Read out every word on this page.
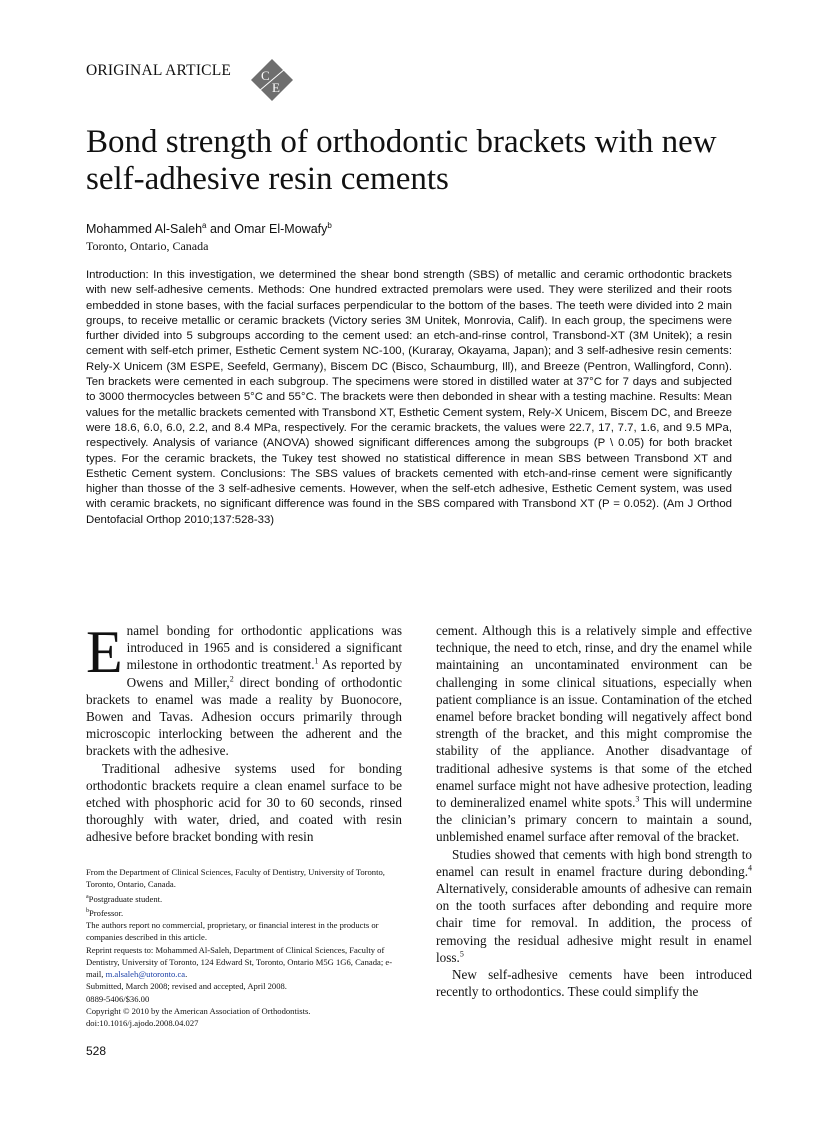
ORIGINAL ARTICLE C
E
Bond strength of orthodontic brackets with new self-adhesive resin cements
Mohammed Al-Saleh$^a$ and Omar El-Mowafy$^b$
Toronto, Ontario, Canada

Introduction: In this investigation, we determined the shear bond strength (SBS) of metallic and ceramic orthodontic brackets with new self-adhesive cements. Methods: One hundred extracted premolars were used. They were sterilized and their roots embedded in stone bases, with the facial surfaces perpendicular to the bottom of the bases. The teeth were divided into 2 main groups, to receive metallic or ceramic brackets (Victory series 3M Unitek, Monrovia, Calif). In each group, the specimens were further divided into 5 subgroups according to the cement used: an etch-and-rinse control, Transbond-XT (3M Unitek); a resin cement with self-etch primer, Esthetic Cement system NC-100, (Kuraray, Okayama, Japan); and 3 self-adhesive resin cements: Rely-X Unicem (3M ESPE, Seefeld, Germany), Biscem DC (Bisco, Schaumburg, Ill), and Breeze (Pentron, Wallingford, Conn). Ten brackets were cemented in each subgroup. The specimens were stored in distilled water at 37°C for 7 days and subjected to 3000 thermocycles between 5°C and 55°C. The brackets were then debonded in shear with a testing machine. Results: Mean values for the metallic brackets cemented with Transbond XT, Esthetic Cement system, Rely-X Unicem, Biscem DC, and Breeze were 18.6, 6.0, 6.0, 2.2, and 8.4 MPa, respectively. For the ceramic brackets, the values were 22.7, 17, 7.7, 1.6, and 9.5 MPa, respectively. Analysis of variance (ANOVA) showed significant differences among the subgroups (P \ 0.05) for both bracket types. For the ceramic brackets, the Tukey test showed no statistical difference in mean SBS between Transbond XT and Esthetic Cement system. Conclusions: The SBS values of brackets cemented with etch-and-rinse cement were significantly higher than thosse of the 3 self-adhesive cements. However, when the self-etch adhesive, Esthetic Cement system, was used with ceramic brackets, no significant difference was found in the SBS compared with Transbond XT (P = 0.052). (Am J Orthod Dentofacial Orthop 2010;137:528-33)

Enamel bonding for orthodontic applications was introduced in 1965 and is considered a significant milestone in orthodontic treatment.$^1$ As reported by Owens and Miller,$^2$ direct bonding of orthodontic brackets to enamel was made a reality by Buonocore, Bowen and Tavas. Adhesion occurs primarily through microscopic interlocking between the adherent and the brackets with the adhesive.

Traditional adhesive systems used for bonding orthodontic brackets require a clean enamel surface to be etched with phosphoric acid for 30 to 60 seconds, rinsed thoroughly with water, dried, and coated with resin adhesive before bracket bonding with resin

cement. Although this is a relatively simple and effective technique, the need to etch, rinse, and dry the enamel while maintaining an uncontaminated environment can be challenging in some clinical situations, especially when patient compliance is an issue. Contamination of the etched enamel before bracket bonding will negatively affect bond strength of the bracket, and this might compromise the stability of the appliance. Another disadvantage of traditional adhesive systems is that some of the etched enamel surface might not have adhesive protection, leading to demineralized enamel white spots.$^3$ This will undermine the clinician’s primary concern to maintain a sound, unblemished enamel surface after removal of the bracket.

Studies showed that cements with high bond strength to enamel can result in enamel fracture during debonding.$^4$ Alternatively, considerable amounts of adhesive can remain on the tooth surfaces after debonding and require more chair time for removal. In addition, the process of removing the residual adhesive might result in enamel loss.$^5$

New self-adhesive cements have been introduced recently to orthodontics. These could simplify the

From the Department of Clinical Sciences, Faculty of Dentistry, University of Toronto, Toronto, Ontario, Canada.
$^a$Postgraduate student.
$^b$Professor.
The authors report no commercial, proprietary, or financial interest in the products or companies described in this article.
Reprint requests to: Mohammed Al-Saleh, Department of Clinical Sciences, Faculty of Dentistry, University of Toronto, 124 Edward St, Toronto, Ontario M5G 1G6, Canada; e-mail, m.alsaleh@utoronto.ca.
Submitted, March 2008; revised and accepted, April 2008.
0889-5406/$36.00
Copyright © 2010 by the American Association of Orthodontists.
doi:10.1016/j.ajodo.2008.04.027
528
